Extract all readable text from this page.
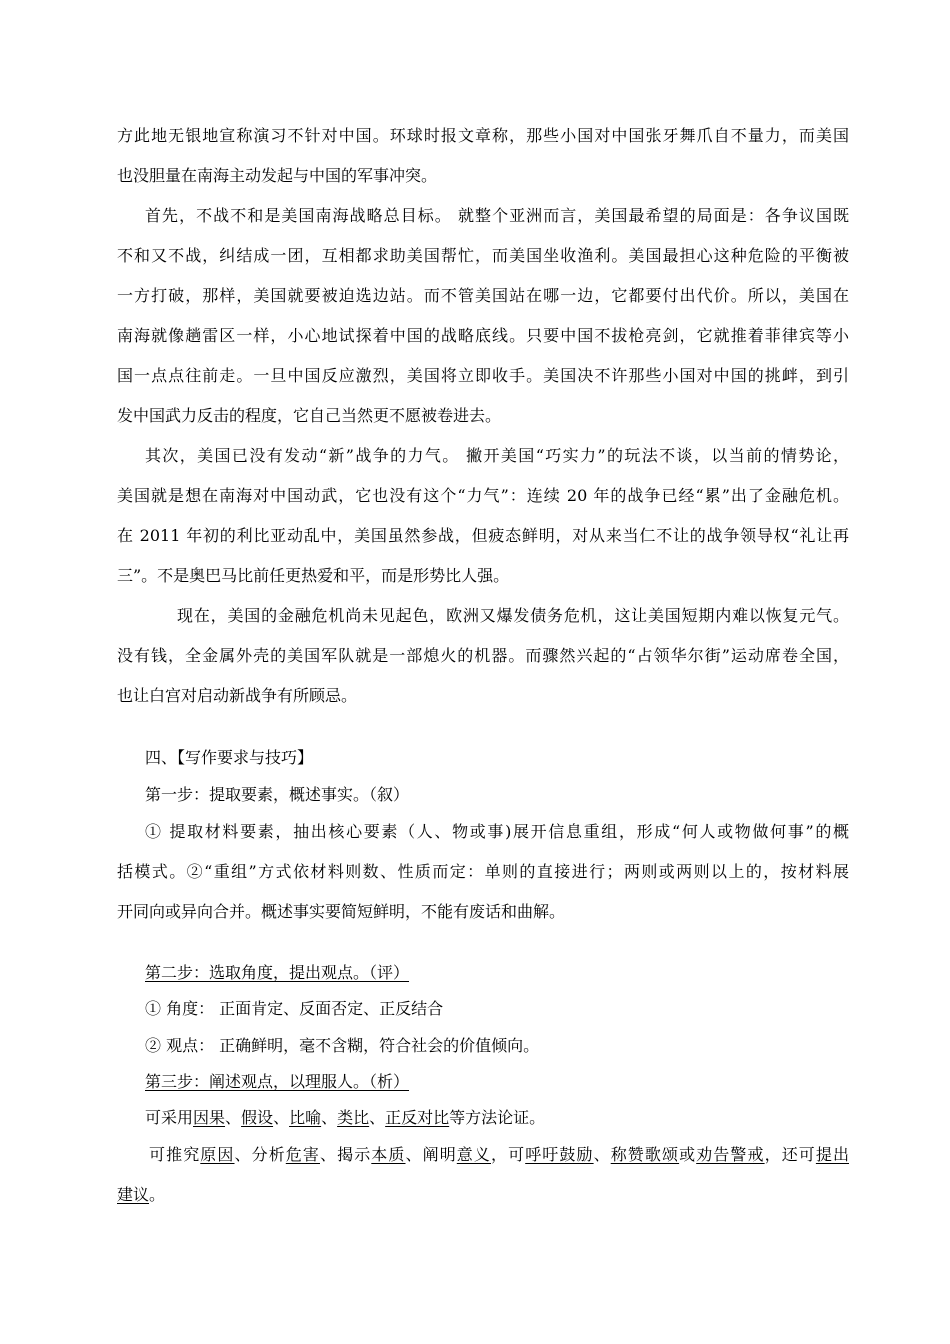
方此地无银地宣称演习不针对中国。环球时报文章称，那些小国对中国张牙舞爪自不量力，而美国

也没胆量在南海主动发起与中国的军事冲突。

首先，不战不和是美国南海战略总目标。 就整个亚洲而言，美国最希望的局面是：各争议国既

不和又不战，纠结成一团，互相都求助美国帮忙，而美国坐收渔利。美国最担心这种危险的平衡被

一方打破，那样，美国就要被迫选边站。而不管美国站在哪一边，它都要付出代价。所以，美国在

南海就像趟雷区一样，小心地试探着中国的战略底线。只要中国不拔枪亮剑，它就推着菲律宾等小

国一点点往前走。一旦中国反应激烈，美国将立即收手。美国决不许那些小国对中国的挑衅，到引

发中国武力反击的程度，它自己当然更不愿被卷进去。

其次，美国已没有发动“新”战争的力气。 撇开美国“巧实力”的玩法不谈，以当前的情势论，

美国就是想在南海对中国动武，它也没有这个“力气”：连续 20 年的战争已经“累”出了金融危机。

在 2011 年初的利比亚动乱中，美国虽然参战，但疲态鲜明，对从来当仁不让的战争领导权“礼让再

三”。不是奥巴马比前任更热爱和平，而是形势比人强。

现在，美国的金融危机尚未见起色，欧洲又爆发债务危机，这让美国短期内难以恢复元气。

没有钱，全金属外壳的美国军队就是一部熄火的机器。而骤然兴起的“占领华尔街”运动席卷全国，

也让白宫对启动新战争有所顾忌。

四、【写作要求与技巧】

第一步：提取要素，概述事实。（叙）

① 提取材料要素，抽出核心要素（人、物或事)展开信息重组，形成“何人或物做何事”的概

括模式。②“重组”方式依材料则数、性质而定：单则的直接进行；两则或两则以上的，按材料展

开同向或异向合并。概述事实要简短鲜明，不能有废话和曲解。

第二步：选取角度，提出观点。（评）

① 角度： 正面肯定、反面否定、正反结合

② 观点： 正确鲜明，毫不含糊，符合社会的价值倾向。

第三步：阐述观点，以理服人。（析）

可采用因果、假设、比喻、类比、正反对比等方法论证。

可推究原因、分析危害、揭示本质、阐明意义，可呼吁鼓励、称赞歌颂或劝告警戒，还可提出

建议。
